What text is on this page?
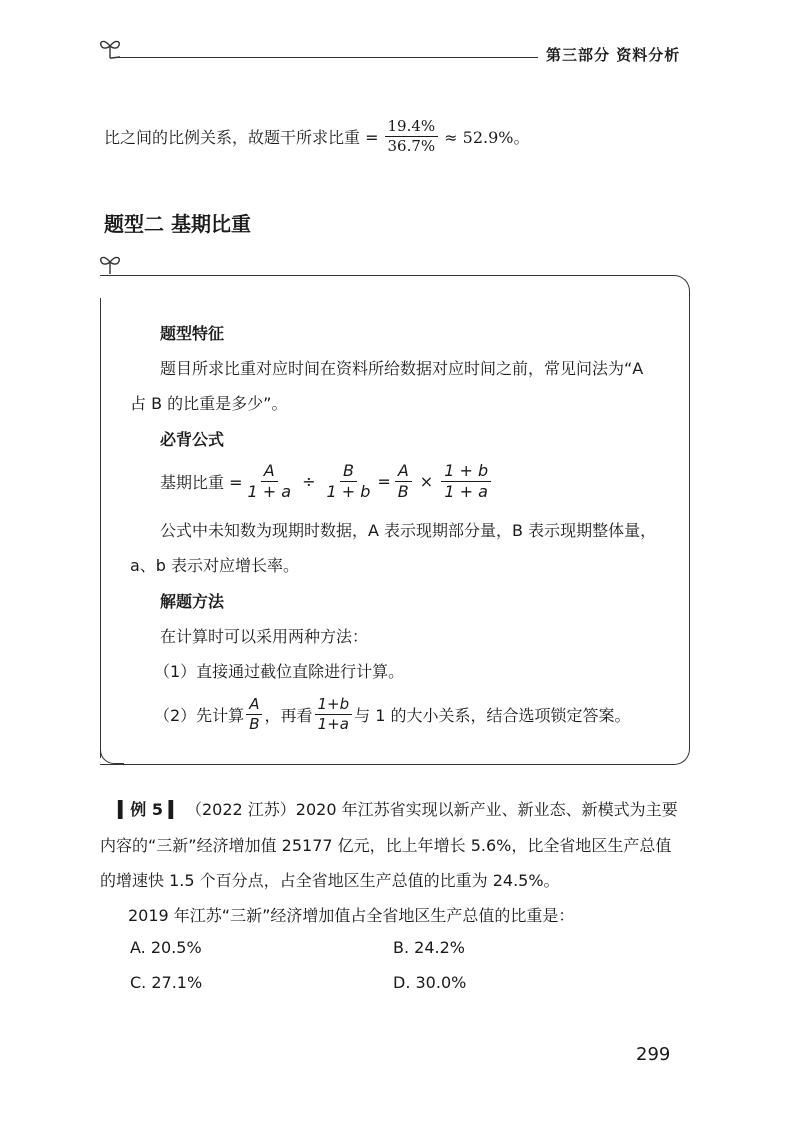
第三部分 资料分析
比之间的比例关系，故题干所求比重 = $\frac{19.4\%}{36.7\%} \approx 52.9\%$。
题型二 基期比重
题型特征
题目所求比重对应时间在资料所给数据对应时间之前，常见问法为“A
占 B 的比重是多少”。
必背公式
基期比重 = $\frac{A}{1 + a} \div \frac{B}{1 + b} = \frac{A}{B} \times \frac{1 + b}{1 + a}$
公式中未知数为现期时数据，A 表示现期部分量，B 表示现期整体量，
a、b 表示对应增长率。
解题方法
在计算时可以采用两种方法：
（1）直接通过截位直除进行计算。
（2）先计算 $\frac{A}{B}$ ，再看 $\frac{1+b}{1+a}$ 与 1 的大小关系，结合选项锁定答案。
▍例 5 ▍ （2022 江苏）2020 年江苏省实现以新产业、新业态、新模式为主要
内容的“三新”经济增加值 25177 亿元，比上年增长 5.6%，比全省地区生产总值
的增速快 1.5 个百分点，占全省地区生产总值的比重为 24.5%。
2019 年江苏“三新”经济增加值占全省地区生产总值的比重是：
A. 20.5%	B. 24.2%
C. 27.1%	D. 30.0%
299
